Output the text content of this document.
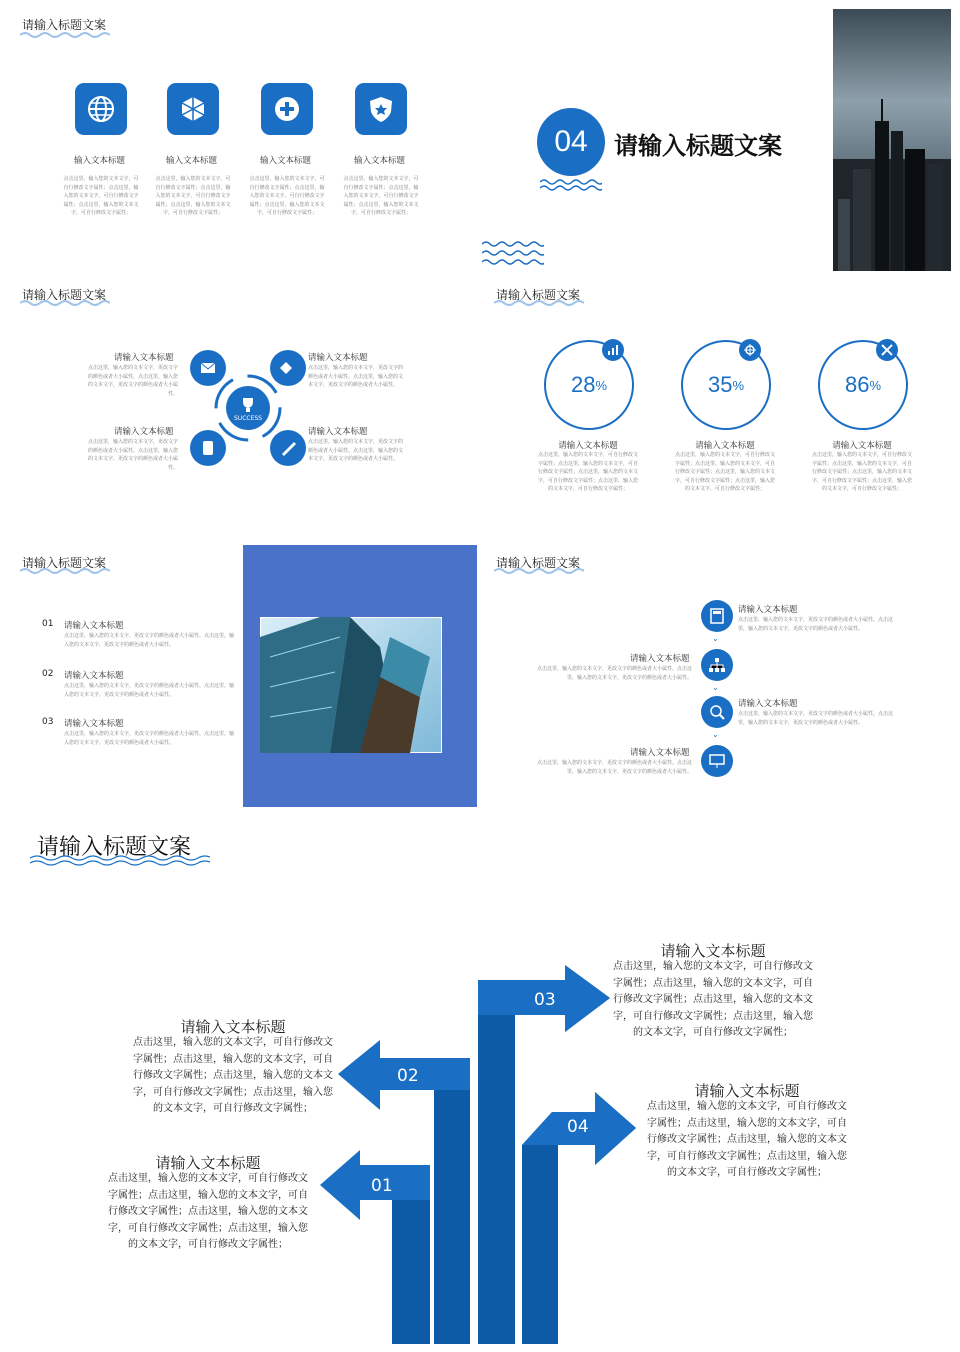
请输入标题文案
输入文本标题	输入文本标题	输入文本标题	输入文本标题
点击这里，输入您的文本文字，可自行修改文字属性；点击这里，输入您的文本文字，可自行修改文字属性；点击这里，输入您的文本文字，可自行修改文字属性；
点击这里，输入您的文本文字，可自行修改文字属性；点击这里，输入您的文本文字，可自行修改文字属性；点击这里，输入您的文本文字，可自行修改文字属性；
点击这里，输入您的文本文字，可自行修改文字属性；点击这里，输入您的文本文字，可自行修改文字属性；点击这里，输入您的文本文字，可自行修改文字属性；
点击这里，输入您的文本文字，可自行修改文字属性；点击这里，输入您的文本文字，可自行修改文字属性；点击这里，输入您的文本文字，可自行修改文字属性；
04 请输入标题文案
请输入标题文案
SUCCESS
请输入文本标题
点击这里，输入您的文本文字，更改文字的颜色或者大小属性。点击这里，输入您的文本文字，更改文字的颜色或者大小属性。
请输入文本标题
点击这里，输入您的文本文字，更改文字的颜色或者大小属性。点击这里，输入您的文本文字，更改文字的颜色或者大小属性。
请输入文本标题
点击这里，输入您的文本文字，更改文字的颜色或者大小属性。点击这里，输入您的文本文字，更改文字的颜色或者大小属性。
请输入文本标题
点击这里，输入您的文本文字，更改文字的颜色或者大小属性。点击这里，输入您的文本文字，更改文字的颜色或者大小属性。
请输入标题文案
28 %	35 %	86 %
请输入文本标题
点击这里，输入您的文本文字，可自行修改文字属性；点击这里，输入您的文本文字，可自行修改文字属性；点击这里，输入您的文本文字，可自行修改文字属性；点击这里，输入您的文本文字，可自行修改文字属性；
请输入文本标题
点击这里，输入您的文本文字，可自行修改文字属性；点击这里，输入您的文本文字，可自行修改文字属性；点击这里，输入您的文本文字，可自行修改文字属性；点击这里，输入您的文本文字，可自行修改文字属性；
请输入文本标题
点击这里，输入您的文本文字，可自行修改文字属性；点击这里，输入您的文本文字，可自行修改文字属性；点击这里，输入您的文本文字，可自行修改文字属性；点击这里，输入您的文本文字，可自行修改文字属性；
请输入标题文案
01 请输入文本标题
点击这里，输入您的文本文字，更改文字的颜色或者大小属性。点击这里，输入您的文本文字，更改文字的颜色或者大小属性。
02 请输入文本标题
点击这里，输入您的文本文字，更改文字的颜色或者大小属性。点击这里，输入您的文本文字，更改文字的颜色或者大小属性。
03 请输入文本标题
点击这里，输入您的文本文字，更改文字的颜色或者大小属性。点击这里，输入您的文本文字，更改文字的颜色或者大小属性。
请输入标题文案
⌄
⌄
⌄
请输入文本标题
点击这里，输入您的文本文字，更改文字的颜色或者大小属性。点击这里，输入您的文本文字，更改文字的颜色或者大小属性。
请输入文本标题
点击这里，输入您的文本文字，更改文字的颜色或者大小属性。点击这里，输入您的文本文字，更改文字的颜色或者大小属性。
请输入文本标题
点击这里，输入您的文本文字，更改文字的颜色或者大小属性。点击这里，输入您的文本文字，更改文字的颜色或者大小属性。
请输入文本标题
点击这里，输入您的文本文字，更改文字的颜色或者大小属性。点击这里，输入您的文本文字，更改文字的颜色或者大小属性。
请输入标题文案
01
02
03
04
请输入文本标题
点击这里，输入您的文本文字，可自行修改文字属性；点击这里，输入您的文本文字，可自行修改文字属性；点击这里，输入您的文本文字，可自行修改文字属性；点击这里，输入您的文本文字，可自行修改文字属性；
请输入文本标题
点击这里，输入您的文本文字，可自行修改文字属性；点击这里，输入您的文本文字，可自行修改文字属性；点击这里，输入您的文本文字，可自行修改文字属性；点击这里，输入您的文本文字，可自行修改文字属性；
请输入文本标题
点击这里，输入您的文本文字，可自行修改文字属性；点击这里，输入您的文本文字，可自行修改文字属性；点击这里，输入您的文本文字，可自行修改文字属性；点击这里，输入您的文本文字，可自行修改文字属性；
请输入文本标题
点击这里，输入您的文本文字，可自行修改文字属性；点击这里，输入您的文本文字，可自行修改文字属性；点击这里，输入您的文本文字，可自行修改文字属性；点击这里，输入您的文本文字，可自行修改文字属性；
